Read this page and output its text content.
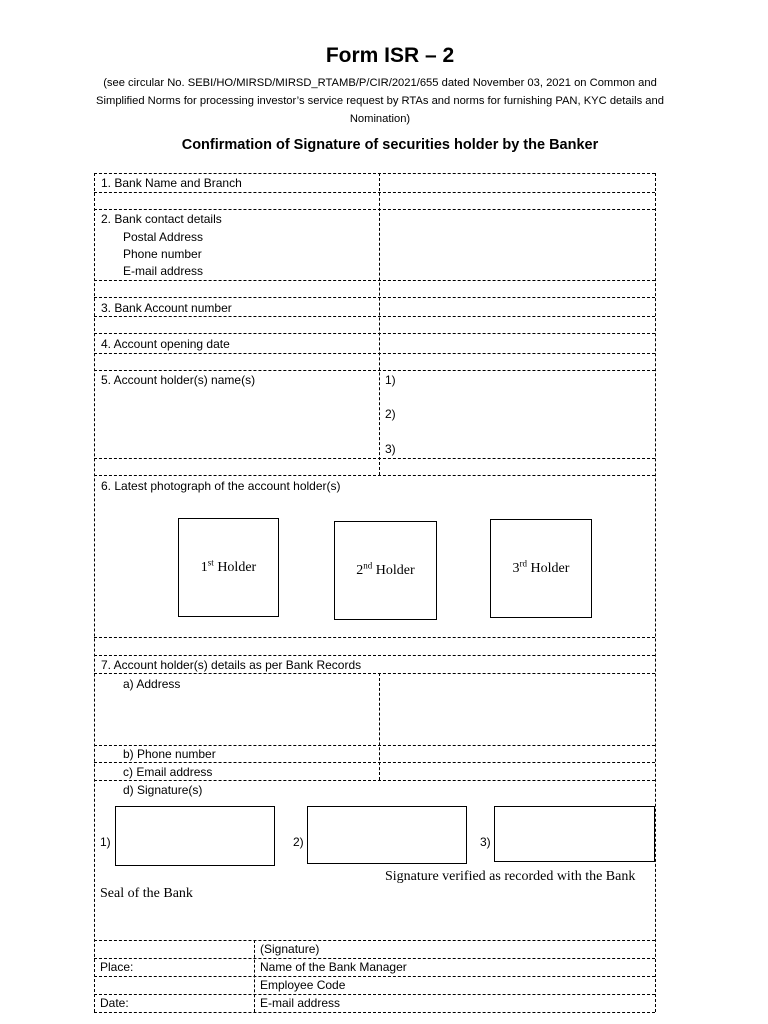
Form ISR – 2
(see circular No. SEBI/HO/MIRSD/MIRSD_RTAMB/P/CIR/2021/655 dated November 03, 2021 on Common and Simplified Norms for processing investor’s service request by RTAs and norms for furnishing PAN, KYC details and Nomination)
Confirmation of Signature of securities holder by the Banker
1. Bank Name and Branch
2. Bank contact details
Postal Address
Phone number
E-mail address
3. Bank Account number
4. Account opening date
5. Account holder(s) name(s)	1)
2)
3)
6. Latest photograph of the account holder(s)
1st Holder	2nd Holder	3rd Holder
7. Account holder(s) details as per Bank Records
a) Address
b) Phone number
c) Email address
d) Signature(s)
1)	2)	3)
Signature verified as recorded with the Bank
Seal of the Bank
(Signature)
Place:	Name of the Bank Manager
Employee Code
Date:	E-mail address
